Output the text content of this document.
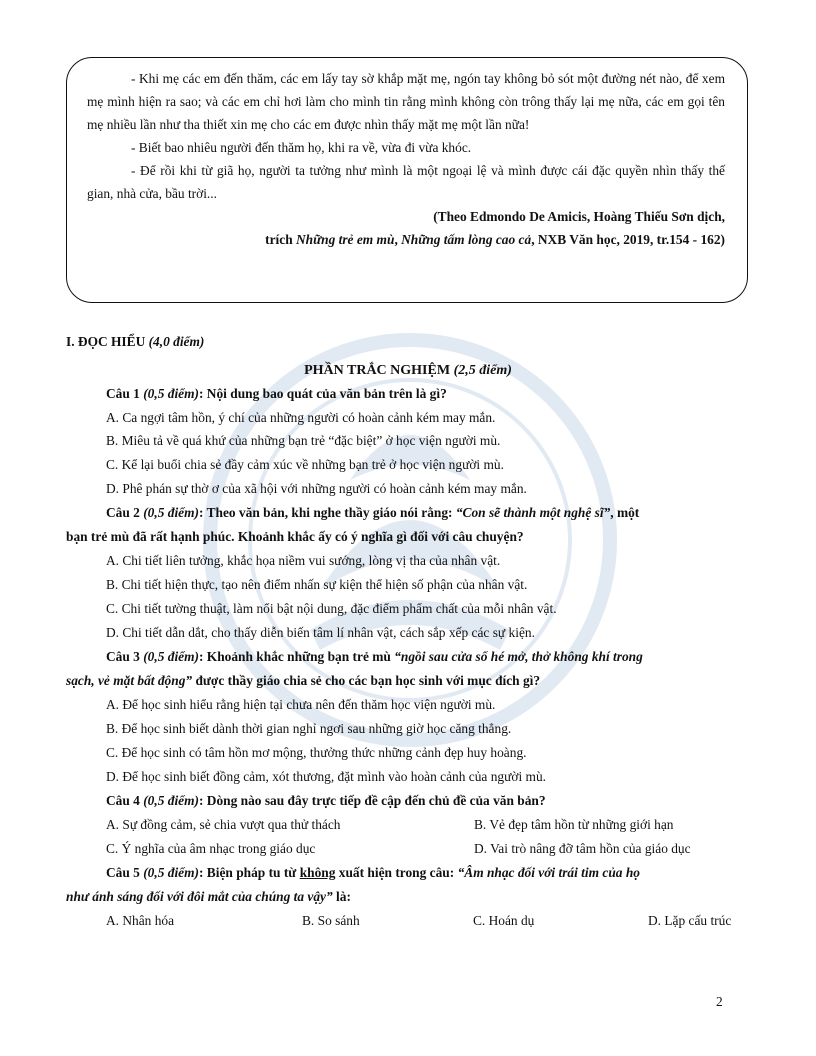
- Khi mẹ các em đến thăm, các em lấy tay sờ khắp mặt mẹ, ngón tay không bỏ sót một đường nét nào, để xem mẹ mình hiện ra sao; và các em chỉ hơi làm cho mình tin rằng mình không còn trông thấy lại mẹ nữa, các em gọi tên mẹ nhiều lần như tha thiết xin mẹ cho các em được nhìn thấy mặt mẹ một lần nữa!

- Biết bao nhiêu người đến thăm họ, khi ra về, vừa đi vừa khóc.

- Để rồi khi từ giã họ, người ta tưởng như mình là một ngoại lệ và mình được cái đặc quyền nhìn thấy thế gian, nhà cửa, bầu trời...

(Theo Edmondo De Amicis, Hoàng Thiếu Sơn dịch,

trích Những trẻ em mù, Những tấm lòng cao cả, NXB Văn học, 2019, tr.154 - 162)

I. ĐỌC HIỂU (4,0 điểm)
PHẦN TRẮC NGHIỆM (2,5 điểm)
Câu 1 (0,5 điểm): Nội dung bao quát của văn bản trên là gì?
A. Ca ngợi tâm hồn, ý chí của những người có hoàn cảnh kém may mắn.
B. Miêu tả về quá khứ của những bạn trẻ “đặc biệt” ở học viện người mù.
C. Kể lại buổi chia sẻ đầy cảm xúc về những bạn trẻ ở học viện người mù.
D. Phê phán sự thờ ơ của xã hội với những người có hoàn cảnh kém may mắn.
Câu 2 (0,5 điểm): Theo văn bản, khi nghe thầy giáo nói rằng: “Con sẽ thành một nghệ sĩ”, một
bạn trẻ mù đã rất hạnh phúc. Khoảnh khắc ấy có ý nghĩa gì đối với câu chuyện?
A. Chi tiết liên tưởng, khắc họa niềm vui sướng, lòng vị tha của nhân vật.
B. Chi tiết hiện thực, tạo nên điểm nhấn sự kiện thể hiện số phận của nhân vật.
C. Chi tiết tường thuật, làm nổi bật nội dung, đặc điểm phẩm chất của mỗi nhân vật.
D. Chi tiết dẫn dắt, cho thấy diễn biến tâm lí nhân vật, cách sắp xếp các sự kiện.
Câu 3 (0,5 điểm): Khoảnh khắc những bạn trẻ mù “ngồi sau cửa sổ hé mở, thở không khí trong
sạch, vẻ mặt bất động” được thầy giáo chia sẻ cho các bạn học sinh với mục đích gì?
A. Để học sinh hiểu rằng hiện tại chưa nên đến thăm học viện người mù.
B. Để học sinh biết dành thời gian nghỉ ngơi sau những giờ học căng thẳng.
C. Để học sinh có tâm hồn mơ mộng, thưởng thức những cảnh đẹp huy hoàng.
D. Để học sinh biết đồng cảm, xót thương, đặt mình vào hoàn cảnh của người mù.
Câu 4 (0,5 điểm): Dòng nào sau đây trực tiếp đề cập đến chủ đề của văn bản?
A. Sự đồng cảm, sẻ chia vượt qua thử thách	B. Vẻ đẹp tâm hồn từ những giới hạn
C. Ý nghĩa của âm nhạc trong giáo dục	D. Vai trò nâng đỡ tâm hồn của giáo dục
Câu 5 (0,5 điểm): Biện pháp tu từ không xuất hiện trong câu: “Âm nhạc đối với trái tim của họ
như ánh sáng đối với đôi mắt của chúng ta vậy” là:
A. Nhân hóa	B. So sánh	C. Hoán dụ	D. Lặp cấu trúc
2
